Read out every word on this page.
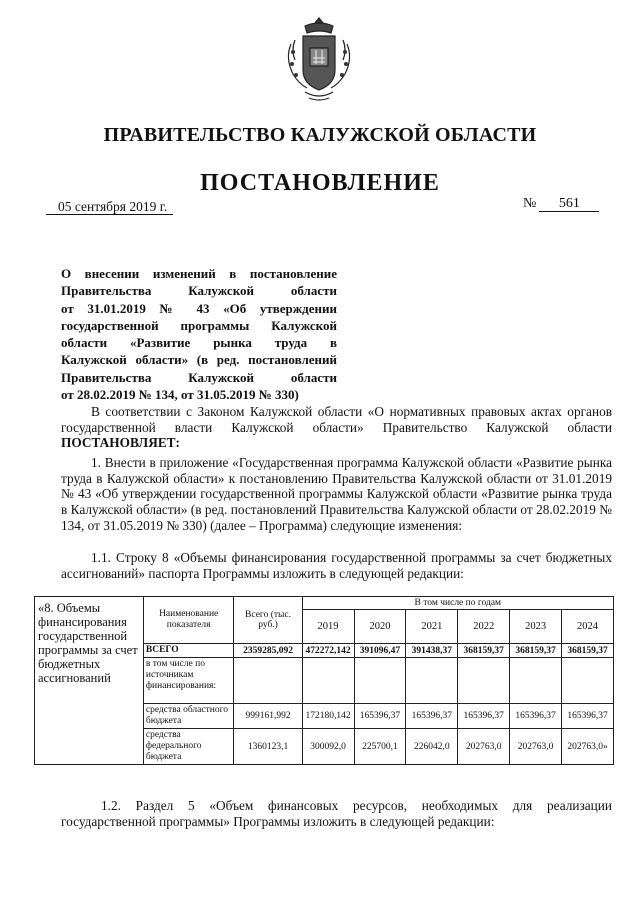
ПРАВИТЕЛЬСТВО КАЛУЖСКОЙ ОБЛАСТИ
ПОСТАНОВЛЕНИЕ
05 сентября 2019 г.	№ 561
О внесении изменений в постановление
Правительства Калужской области
от 31.01.2019 № 43 «Об утверждении
государственной программы Калужской
области «Развитие рынка труда в
Калужской области» (в ред. постановлений
Правительства Калужской области
от 28.02.2019 № 134, от 31.05.2019 № 330)
В соответствии с Законом Калужской области «О нормативных правовых актах органов государственной власти Калужской области» Правительство Калужской области ПОСТАНОВЛЯЕТ:
1. Внести в приложение «Государственная программа Калужской области «Развитие рынка труда в Калужской области» к постановлению Правительства Калужской области от 31.01.2019 № 43 «Об утверждении государственной программы Калужской области «Развитие рынка труда в Калужской области» (в ред. постановлений Правительства Калужской области от 28.02.2019 № 134, от 31.05.2019 № 330) (далее – Программа) следующие изменения:
1.1. Строку 8 «Объемы финансирования государственной программы за счет бюджетных ассигнований» паспорта Программы изложить в следующей редакции:
«8. Объемы финансирования государственной программы за счет бюджетных ассигнований	Наименование показателя	Всего (тыс. руб.)	В том числе по годам					
			2019	2020	2021	2022	2023	2024
	ВСЕГО	2359285,092	472272,142	391096,47	391438,37	368159,37	368159,37	368159,37
	в том числе по источникам финансирования:							
	средства областного бюджета	999161,992	172180,142	165396,37	165396,37	165396,37	165396,37	165396,37
	средства федерального бюджета	1360123,1	300092,0	225700,1	226042,0	202763,0	202763,0	202763,0»
1.2. Раздел 5 «Объем финансовых ресурсов, необходимых для реализации государственной программы» Программы изложить в следующей редакции:
